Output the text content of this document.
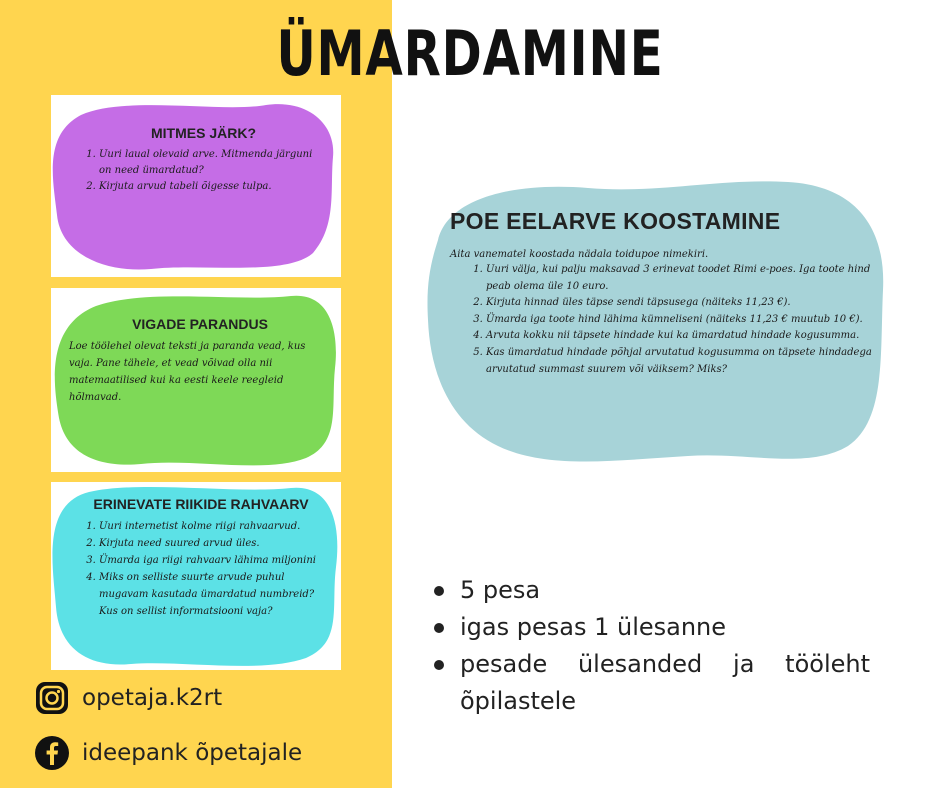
ÜMARDAMINE
MITMES JÄRK?
1. Uuri laual olevaid arve. Mitmenda järguni on need ümardatud?
2. Kirjuta arvud tabeli õigesse tulpa.
VIGADE PARANDUS

Loe töölehel olevat teksti ja paranda vead, kus vaja. Pane tähele, et vead võivad olla nii matemaatilised kui ka eesti keele reegleid hõlmavad.

ERINEVATE RIIKIDE RAHVAARV
1. Uuri internetist kolme riigi rahvaarvud.
2. Kirjuta need suured arvud üles.
3. Ümarda iga riigi rahvaarv lähima miljonini
4. Miks on selliste suurte arvude puhul mugavam kasutada ümardatud numbreid? Kus on sellist informatsiooni vaja?
POE EELARVE KOOSTAMINE

Aita vanematel koostada nädala toidupoe nimekiri.

1. Uuri välja, kui palju maksavad 3 erinevat toodet Rimi e-poes. Iga toote hind peab olema üle 10 euro.
2. Kirjuta hinnad üles täpse sendi täpsusega (näiteks 11,23 €).
3. Ümarda iga toote hind lähima kümneliseni (näiteks 11,23 € muutub 10 €).
4. Arvuta kokku nii täpsete hindade kui ka ümardatud hindade kogusumma.
5. Kas ümardatud hindade põhjal arvutatud kogusumma on täpsete hindadega arvutatud summast suurem või väiksem? Miks?
5 pesa
igas pesas 1 ülesanne
pesade ülesanded ja tööleht
õpilastele
opetaja.k2rt
ideepank õpetajale
